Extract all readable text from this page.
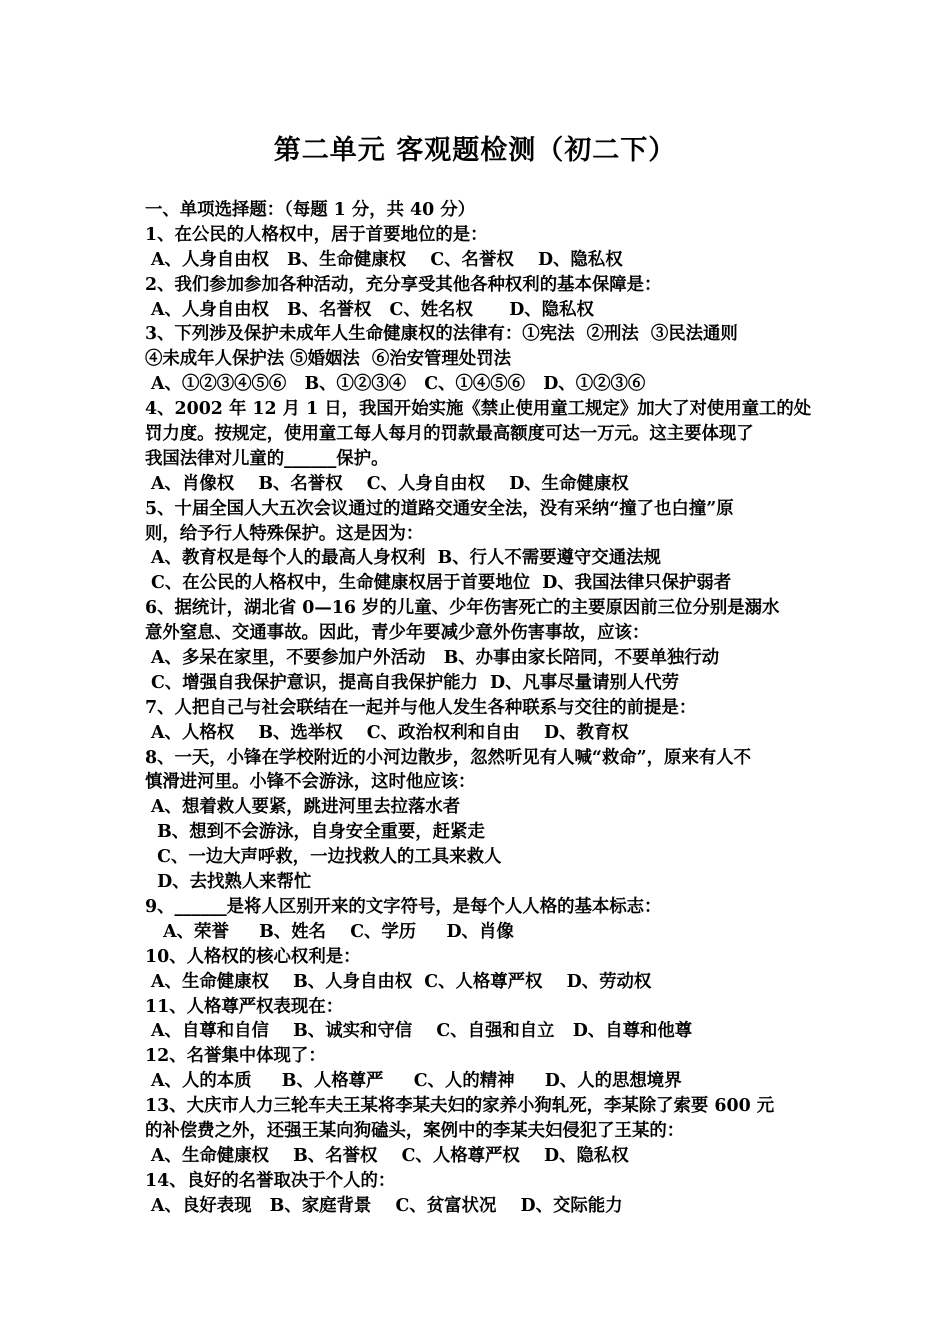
第二单元 客观题检测（初二下）
一、单项选择题：（每题 1 分，共 40 分）
1、在公民的人格权中，居于首要地位的是：
A、人身自由权   B、生命健康权    C、名誉权    D、隐私权
2、我们参加参加各种活动，充分享受其他各种权利的基本保障是：
A、人身自由权   B、名誉权   C、姓名权      D、隐私权
3、下列涉及保护未成年人生命健康权的法律有：①宪法  ②刑法  ③民法通则
④未成年人保护法 ⑤婚姻法  ⑥治安管理处罚法
A、①②③④⑤⑥   B、①②③④   C、①④⑤⑥   D、①②③⑥
4、2002 年 12 月 1 日，我国开始实施《禁止使用童工规定》加大了对使用童工的处
罚力度。按规定，使用童工每人每月的罚款最高额度可达一万元。这主要体现了
我国法律对儿童的______保护。
A、肖像权    B、名誉权    C、人身自由权    D、生命健康权
5、十届全国人大五次会议通过的道路交通安全法，没有采纳“撞了也白撞”原
则，给予行人特殊保护。这是因为：
A、教育权是每个人的最高人身权利  B、行人不需要遵守交通法规
C、在公民的人格权中，生命健康权居于首要地位  D、我国法律只保护弱者
6、据统计，湖北省 0—16 岁的儿童、少年伤害死亡的主要原因前三位分别是溺水
意外窒息、交通事故。因此，青少年要减少意外伤害事故，应该：
A、多呆在家里，不要参加户外活动   B、办事由家长陪同，不要单独行动
C、增强自我保护意识，提高自我保护能力  D、凡事尽量请别人代劳
7、人把自己与社会联结在一起并与他人发生各种联系与交往的前提是：
A、人格权    B、选举权    C、政治权利和自由    D、教育权
8、一天，小锋在学校附近的小河边散步，忽然听见有人喊“救命”，原来有人不
慎滑进河里。小锋不会游泳，这时他应该：
A、想着救人要紧，跳进河里去拉落水者
B、想到不会游泳，自身安全重要，赶紧走
C、一边大声呼救，一边找救人的工具来救人
D、去找熟人来帮忙
9、______是将人区别开来的文字符号，是每个人人格的基本标志：
A、荣誉     B、姓名    C、学历     D、肖像
10、人格权的核心权利是：
A、生命健康权    B、人身自由权  C、人格尊严权    D、劳动权
11、人格尊严权表现在：
A、自尊和自信    B、诚实和守信    C、自强和自立   D、自尊和他尊
12、名誉集中体现了：
A、人的本质     B、人格尊严     C、人的精神     D、人的思想境界
13、大庆市人力三轮车夫王某将李某夫妇的家养小狗轧死，李某除了索要 600 元
的补偿费之外，还强王某向狗磕头，案例中的李某夫妇侵犯了王某的：
A、生命健康权    B、名誉权    C、人格尊严权    D、隐私权
14、良好的名誉取决于个人的：
A、良好表现   B、家庭背景    C、贫富状况    D、交际能力
